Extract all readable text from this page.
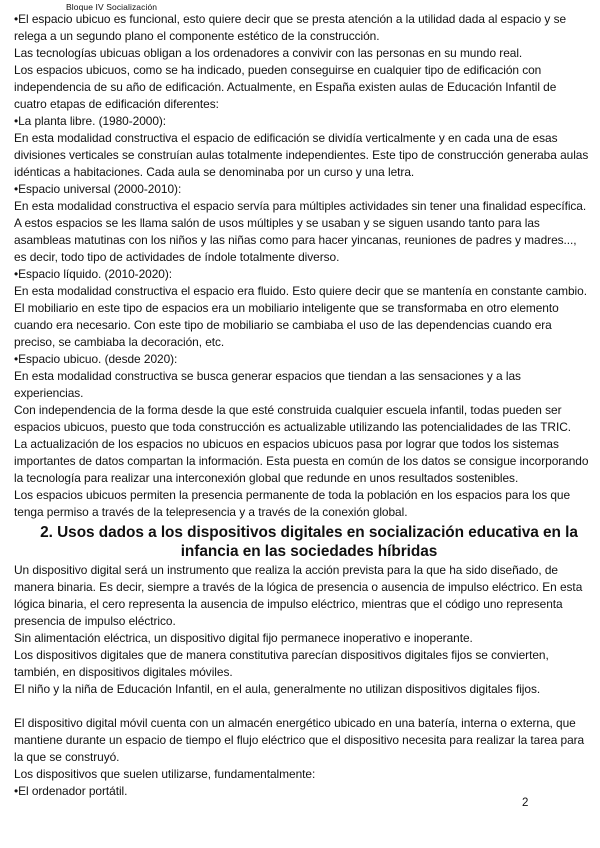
Bloque IV Socialización

•El espacio ubicuo es funcional, esto quiere decir que se presta atención a la utilidad dada al espacio y se relega a un segundo plano el componente estético de la construcción.

Las tecnologías ubicuas obligan a los ordenadores a convivir con las personas en su mundo real.

Los espacios ubicuos, como se ha indicado, pueden conseguirse en cualquier tipo de edificación con independencia de su año de edificación. Actualmente, en España existen aulas de Educación Infantil de cuatro etapas de edificación diferentes:

•La planta libre. (1980-2000):

En esta modalidad constructiva el espacio de edificación se dividía verticalmente y en cada una de esas divisiones verticales se construían aulas totalmente independientes. Este tipo de construcción generaba aulas idénticas a habitaciones. Cada aula se denominaba por un curso y una letra.

•Espacio universal (2000-2010):

En esta modalidad constructiva el espacio servía para múltiples actividades sin tener una finalidad específica. A estos espacios se les llama salón de usos múltiples y se usaban y se siguen usando tanto para las asambleas matutinas con los niños y las niñas como para hacer yincanas, reuniones de padres y madres..., es decir, todo tipo de actividades de índole totalmente diverso.

•Espacio líquido. (2010-2020):

En esta modalidad constructiva el espacio era fluido. Esto quiere decir que se mantenía en constante cambio. El mobiliario en este tipo de espacios era un mobiliario inteligente que se transformaba en otro elemento cuando era necesario. Con este tipo de mobiliario se cambiaba el uso de las dependencias cuando era preciso, se cambiaba la decoración, etc.

•Espacio ubicuo. (desde 2020):

En esta modalidad constructiva se busca generar espacios que tiendan a las sensaciones y a las experiencias.

Con independencia de la forma desde la que esté construida cualquier escuela infantil, todas pueden ser espacios ubicuos, puesto que toda construcción es actualizable utilizando las potencialidades de las TRIC.

La actualización de los espacios no ubicuos en espacios ubicuos pasa por lograr que todos los sistemas importantes de datos compartan la información. Esta puesta en común de los datos se consigue incorporando la tecnología para realizar una interconexión global que redunde en unos resultados sostenibles.

Los espacios ubicuos permiten la presencia permanente de toda la población en los espacios para los que tenga permiso a través de la telepresencia y a través de la conexión global.

2. Usos dados a los dispositivos digitales en socialización educativa en la infancia en las sociedades híbridas

Un dispositivo digital será un instrumento que realiza la acción prevista para la que ha sido diseñado, de manera binaria. Es decir, siempre a través de la lógica de presencia o ausencia de impulso eléctrico. En esta lógica binaria, el cero representa la ausencia de impulso eléctrico, mientras que el código uno representa presencia de impulso eléctrico.

Sin alimentación eléctrica, un dispositivo digital fijo permanece inoperativo e inoperante.

Los dispositivos digitales que de manera constitutiva parecían dispositivos digitales fijos se convierten, también, en dispositivos digitales móviles.

El niño y la niña de Educación Infantil, en el aula, generalmente no utilizan dispositivos digitales fijos.

El dispositivo digital móvil cuenta con un almacén energético ubicado en una batería, interna o externa, que mantiene durante un espacio de tiempo el flujo eléctrico que el dispositivo necesita para realizar la tarea para la que se construyó.

Los dispositivos que suelen utilizarse, fundamentalmente:

•El ordenador portátil.

2
